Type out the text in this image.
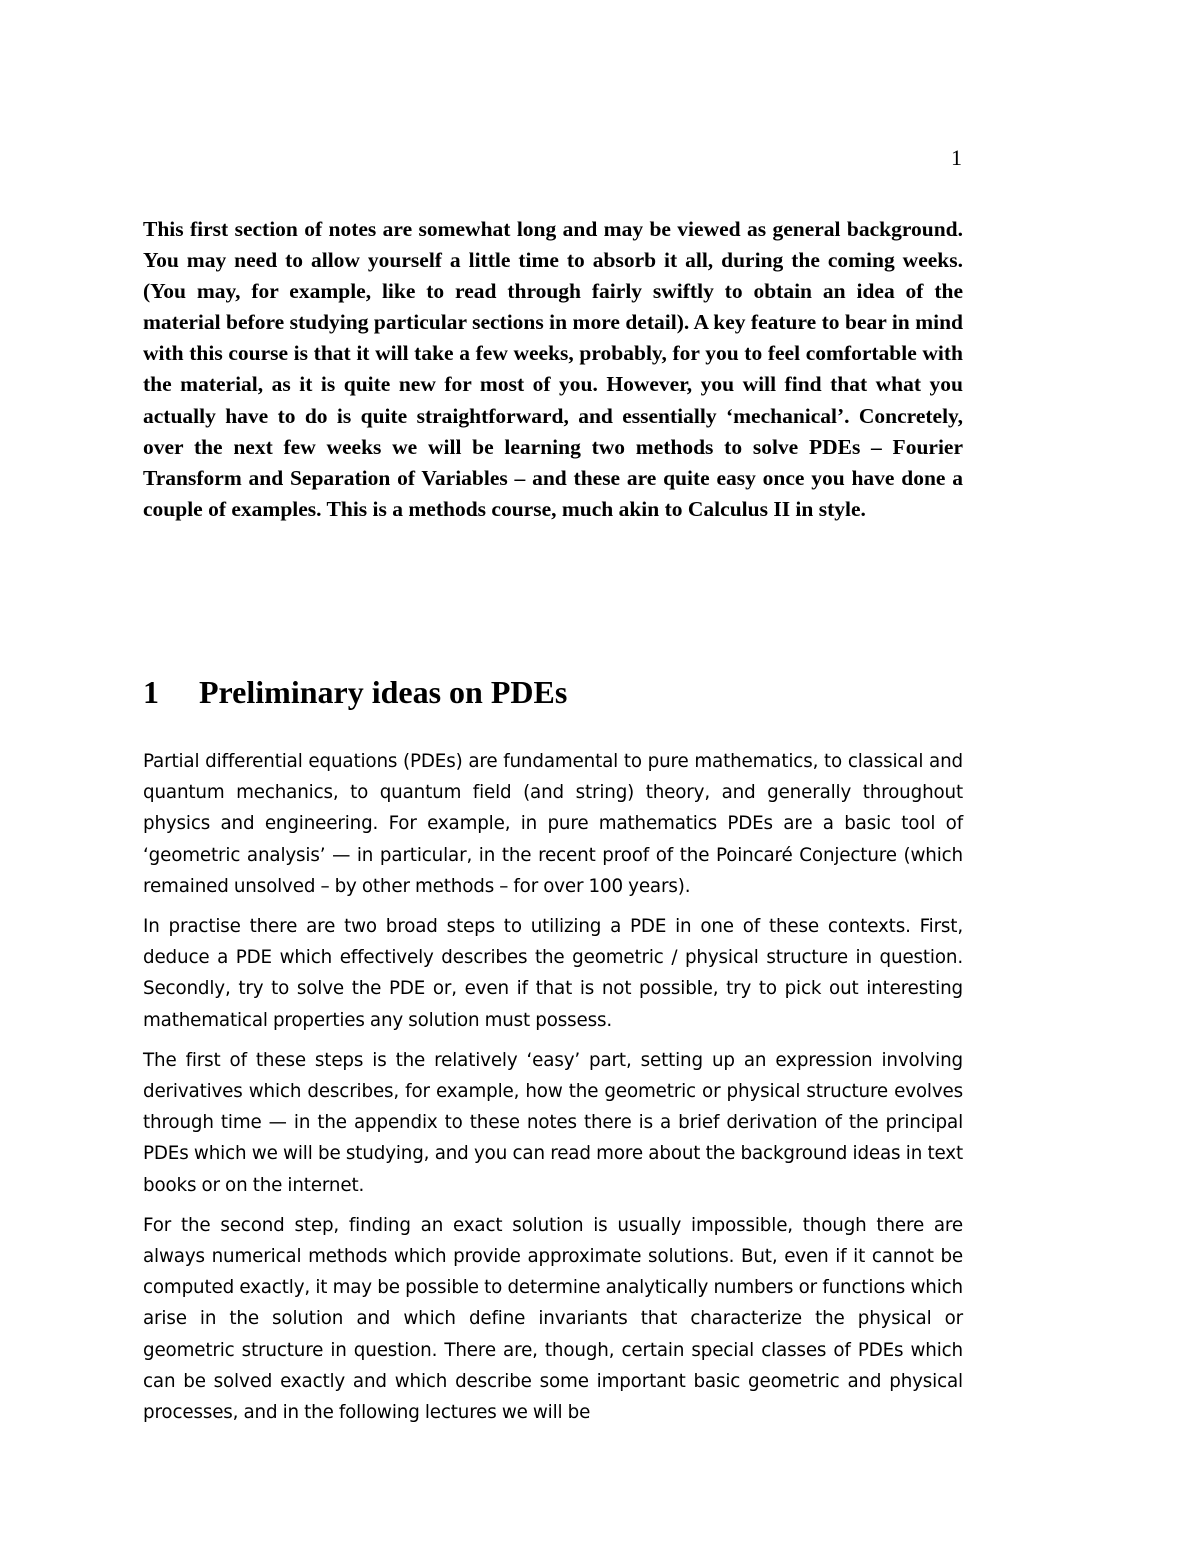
1

This first section of notes are somewhat long and may be viewed as general background. You may need to allow yourself a little time to absorb it all, during the coming weeks. (You may, for example, like to read through fairly swiftly to obtain an idea of the material before studying particular sections in more detail). A key feature to bear in mind with this course is that it will take a few weeks, probably, for you to feel comfortable with the material, as it is quite new for most of you. However, you will find that what you actually have to do is quite straightforward, and essentially ‘mechanical’. Concretely, over the next few weeks we will be learning two methods to solve PDEs – Fourier Transform and Separation of Variables – and these are quite easy once you have done a couple of examples. This is a methods course, much akin to Calculus II in style.

1 Preliminary ideas on PDEs

Partial differential equations (PDEs) are fundamental to pure mathematics, to classical and quantum mechanics, to quantum field (and string) theory, and generally throughout physics and engineering. For example, in pure mathematics PDEs are a basic tool of ‘geometric analysis’ — in particular, in the recent proof of the Poincaré Conjecture (which remained unsolved – by other methods – for over 100 years).

In practise there are two broad steps to utilizing a PDE in one of these contexts. First, deduce a PDE which effectively describes the geometric / physical structure in question. Secondly, try to solve the PDE or, even if that is not possible, try to pick out interesting mathematical properties any solution must possess.

The first of these steps is the relatively ‘easy’ part, setting up an expression involving derivatives which describes, for example, how the geometric or physical structure evolves through time — in the appendix to these notes there is a brief derivation of the principal PDEs which we will be studying, and you can read more about the background ideas in text books or on the internet.

For the second step, finding an exact solution is usually impossible, though there are always numerical methods which provide approximate solutions. But, even if it cannot be computed exactly, it may be possible to determine analytically numbers or functions which arise in the solution and which define invariants that characterize the physical or geometric structure in question. There are, though, certain special classes of PDEs which can be solved exactly and which describe some important basic geometric and physical processes, and in the following lectures we will be
